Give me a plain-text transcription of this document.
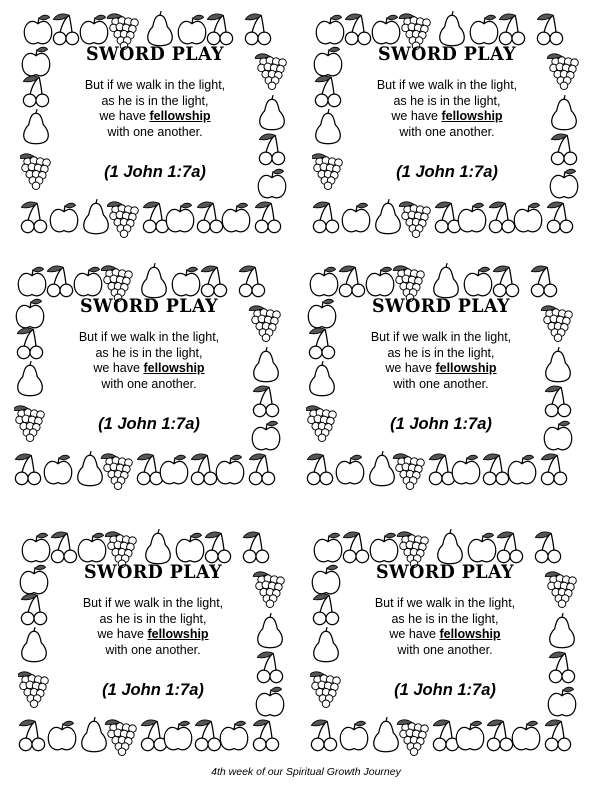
SWORD PLAY
But if we walk in the light,
as he is in the light,
we have fellowship
with one another.
(1 John 1:7a)
SWORD PLAY
But if we walk in the light,
as he is in the light,
we have fellowship
with one another.
(1 John 1:7a)
SWORD PLAY
But if we walk in the light,
as he is in the light,
we have fellowship
with one another.
(1 John 1:7a)
SWORD PLAY
But if we walk in the light,
as he is in the light,
we have fellowship
with one another.
(1 John 1:7a)
SWORD PLAY
But if we walk in the light,
as he is in the light,
we have fellowship
with one another.
(1 John 1:7a)
SWORD PLAY
But if we walk in the light,
as he is in the light,
we have fellowship
with one another.
(1 John 1:7a)
4th week of our Spiritual Growth Journey
